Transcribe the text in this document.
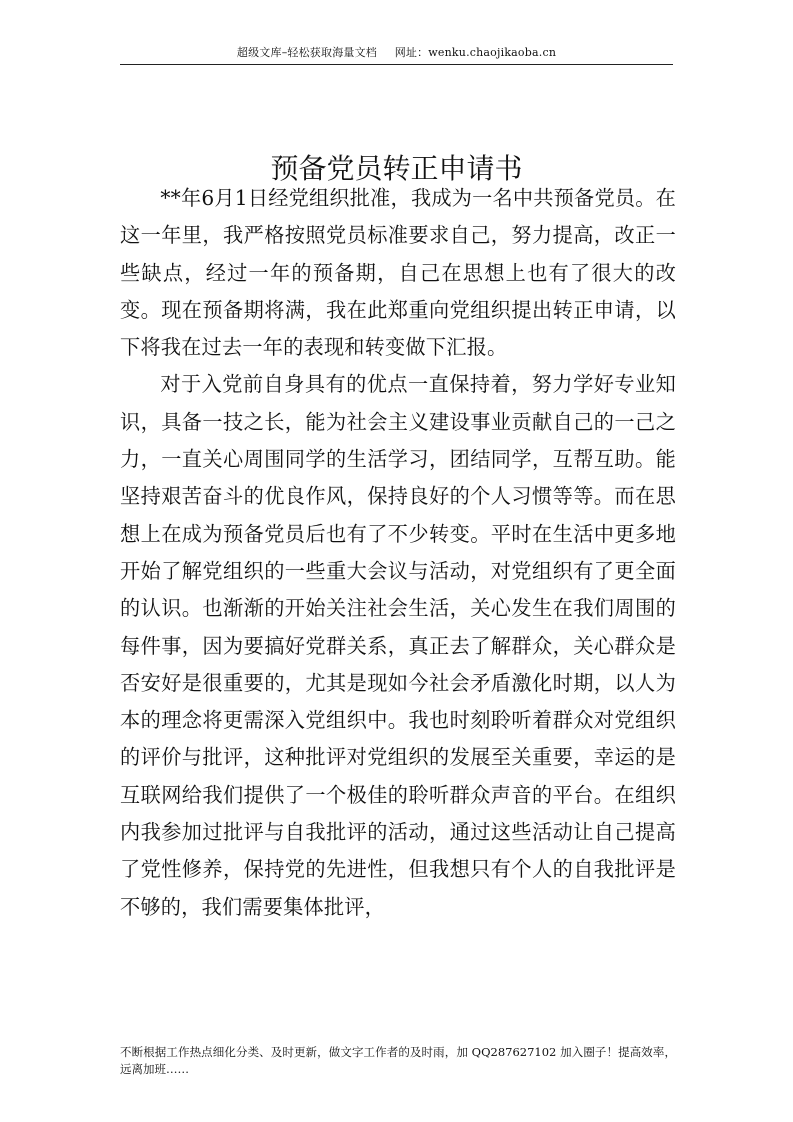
超级文库–轻松获取海量文档 网址：wenku.chaojikaoba.cn
预备党员转正申请书

**年6月1日经党组织批准，我成为一名中共预备党员。在这一年里，我严格按照党员标准要求自己，努力提高，改正一些缺点，经过一年的预备期，自己在思想上也有了很大的改变。现在预备期将满，我在此郑重向党组织提出转正申请，以下将我在过去一年的表现和转变做下汇报。

对于入党前自身具有的优点一直保持着，努力学好专业知识，具备一技之长，能为社会主义建设事业贡献自己的一己之力，一直关心周围同学的生活学习，团结同学，互帮互助。能坚持艰苦奋斗的优良作风，保持良好的个人习惯等等。而在思想上在成为预备党员后也有了不少转变。平时在生活中更多地开始了解党组织的一些重大会议与活动，对党组织有了更全面的认识。也渐渐的开始关注社会生活，关心发生在我们周围的每件事，因为要搞好党群关系，真正去了解群众，关心群众是否安好是很重要的，尤其是现如今社会矛盾激化时期，以人为本的理念将更需深入党组织中。我也时刻聆听着群众对党组织的评价与批评，这种批评对党组织的发展至关重要，幸运的是互联网给我们提供了一个极佳的聆听群众声音的平台。在组织内我参加过批评与自我批评的活动，通过这些活动让自己提高了党性修养，保持党的先进性，但我想只有个人的自我批评是不够的，我们需要集体批评，

不断根据工作热点细化分类、及时更新，做文字工作者的及时雨，加 QQ287627102 加入圈子！提高效率，远离加班……
